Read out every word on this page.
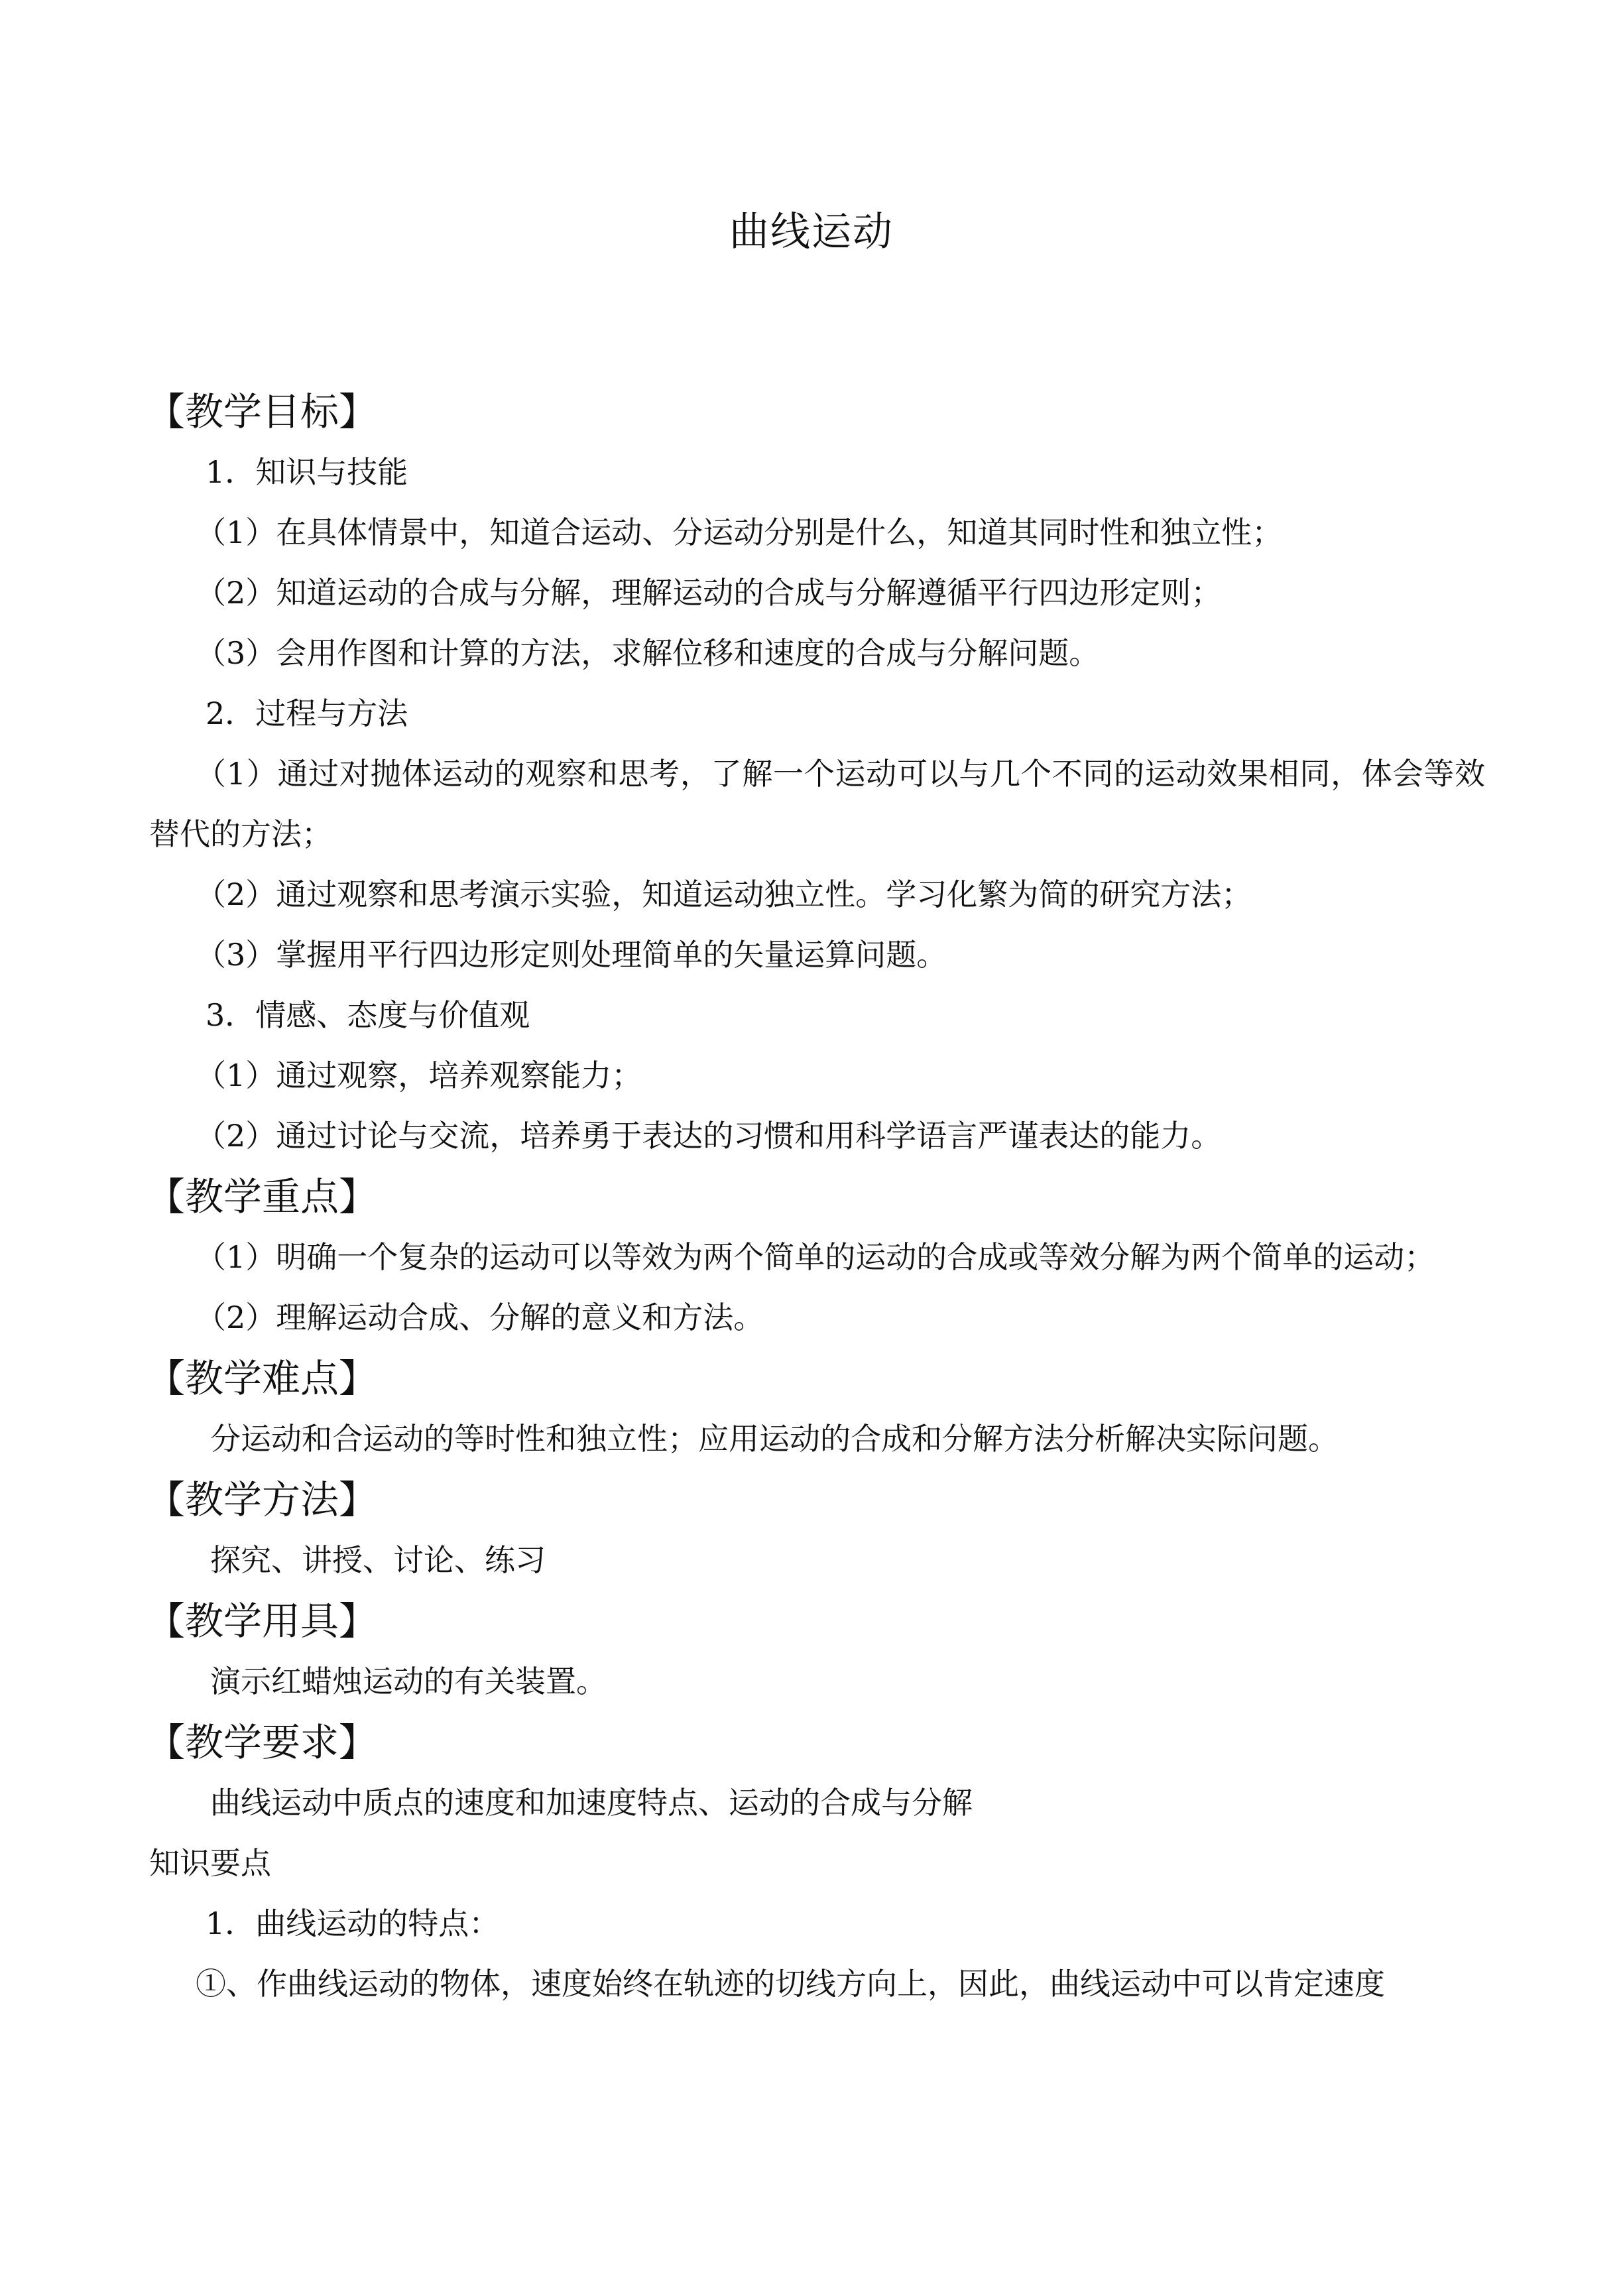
曲线运动
【教学目标】
1．知识与技能
（1）在具体情景中，知道合运动、分运动分别是什么，知道其同时性和独立性；
（2）知道运动的合成与分解，理解运动的合成与分解遵循平行四边形定则；
（3）会用作图和计算的方法，求解位移和速度的合成与分解问题。
2．过程与方法
（1）通过对抛体运动的观察和思考，了解一个运动可以与几个不同的运动效果相同，体会等效替代的方法；
（2）通过观察和思考演示实验，知道运动独立性。学习化繁为简的研究方法；
（3）掌握用平行四边形定则处理简单的矢量运算问题。
3．情感、态度与价值观
（1）通过观察，培养观察能力；
（2）通过讨论与交流，培养勇于表达的习惯和用科学语言严谨表达的能力。
【教学重点】
（1）明确一个复杂的运动可以等效为两个简单的运动的合成或等效分解为两个简单的运动；
（2）理解运动合成、分解的意义和方法。
【教学难点】
分运动和合运动的等时性和独立性；应用运动的合成和分解方法分析解决实际问题。
【教学方法】
探究、讲授、讨论、练习
【教学用具】
演示红蜡烛运动的有关装置。
【教学要求】
曲线运动中质点的速度和加速度特点、运动的合成与分解
知识要点
1．曲线运动的特点：
①、作曲线运动的物体，速度始终在轨迹的切线方向上，因此，曲线运动中可以肯定速度
